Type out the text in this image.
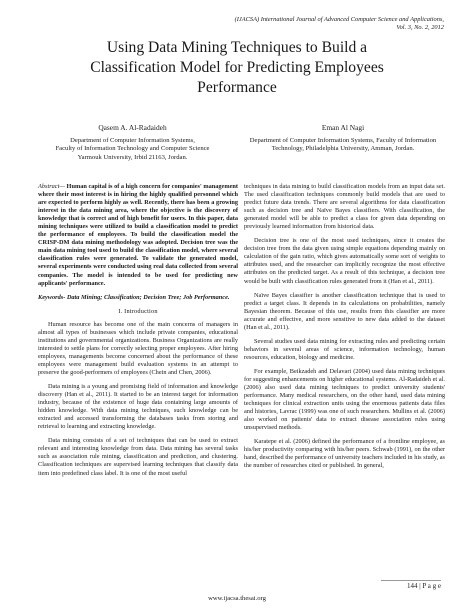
(IJACSA) International Journal of Advanced Computer Science and Applications,
Vol. 3, No. 2, 2012
Using Data Mining Techniques to Build a
Classification Model for Predicting Employees
Performance
Qasem A. Al-Radaideh
Department of Computer Information Systems,
Faculty of Information Technology and Computer Science
Yarmouk University, Irbid 21163, Jordan.
Eman Al Nagi
Department of Computer Information Systems, Faculty of Information
Technology, Philadelphia University, Amman, Jordan.

Abstract— Human capital is of a high concern for companies' management where their most interest is in hiring the highly qualified personnel which are expected to perform highly as well. Recently, there has been a growing interest in the data mining area, where the objective is the discovery of knowledge that is correct and of high benefit for users. In this paper, data mining techniques were utilized to build a classification model to predict the performance of employees. To build the classification model the CRISP-DM data mining methodology was adopted. Decision tree was the main data mining tool used to build the classification model, where several classification rules were generated. To validate the generated model, several experiments were conducted using real data collected from several companies. The model is intended to be used for predicting new applicants' performance.

Keywords- Data Mining; Classification; Decision Tree; Job Performance.

I. Introduction

Human resource has become one of the main concerns of managers in almost all types of businesses which include private companies, educational institutions and governmental organizations. Business Organizations are really interested to settle plans for correctly selecting proper employees. After hiring employees, managements become concerned about the performance of these employees were management build evaluation systems in an attempt to preserve the good-performers of employees (Chein and Chen, 2006).

Data mining is a young and promising field of information and knowledge discovery (Han et al., 2011). It started to be an interest target for information industry, because of the existence of huge data containing large amounts of hidden knowledge. With data mining techniques, such knowledge can be extracted and accessed transforming the databases tasks from storing and retrieval to learning and extracting knowledge.

Data mining consists of a set of techniques that can be used to extract relevant and interesting knowledge from data. Data mining has several tasks such as association rule mining, classification and prediction, and clustering. Classification techniques are supervised learning techniques that classify data item into predefined class label. It is one of the most useful

techniques in data mining to build classification models from an input data set. The used classification techniques commonly build models that are used to predict future data trends. There are several algorithms for data classification such as decision tree and Naïve Bayes classifiers. With classification, the generated model will be able to predict a class for given data depending on previously learned information from historical data.

Decision tree is one of the most used techniques, since it creates the decision tree from the data given using simple equations depending mainly on calculation of the gain ratio, which gives automatically some sort of weights to attributes used, and the researcher can implicitly recognize the most effective attributes on the predicted target. As a result of this technique, a decision tree would be built with classification rules generated from it (Han et al., 2011).

Naïve Bayes classifier is another classification technique that is used to predict a target class. It depends in its calculations on probabilities, namely Bayesian theorem. Because of this use, results from this classifier are more accurate and effective, and more sensitive to new data added to the dataset (Han et al., 2011).

Several studies used data mining for extracting rules and predicting certain behaviors in several areas of science, information technology, human resources, education, biology and medicine.

For example, Beikzadeh and Delavari (2004) used data mining techniques for suggesting enhancements on higher educational systems. Al-Radaideh et al. (2006) also used data mining techniques to predict university students' performance. Many medical researchers, on the other hand, used data mining techniques for clinical extraction units using the enormous patients data files and histories, Lavrac (1999) was one of such researchers. Mullins et al. (2006) also worked on patients' data to extract disease association rules using unsupervised methods.

Karatepe et al. (2006) defined the performance of a frontline employee, as his/her productivity comparing with his/her peers. Schwab (1991), on the other hand, described the performance of university teachers included in his study, as the number of researches cited or published. In general,

144 | P a g e
www.ijacsa.thesai.org
